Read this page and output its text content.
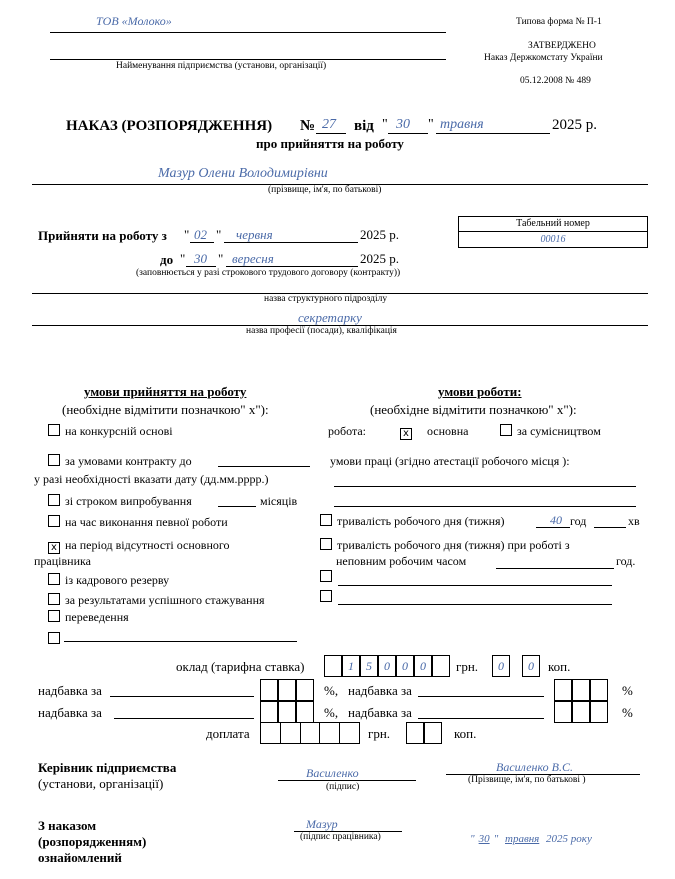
ТОВ «Молоко»
Найменування підприємства (установи, організації)
Типова форма № П-1
ЗАТВЕРДЖЕНО
Наказ Держкомстату України
05.12.2008 № 489
НАКАЗ (РОЗПОРЯДЖЕННЯ) № 27 від " 30 " травня	2025 р.
про прийняття на роботу
Мазур Олени Володимирівни
(прізвище, ім'я, по батькові)
Прийняти на роботу з " 02 " червня	2025 р.
до " 30 " вересня	2025 р.
(заповнюється у разі строкового трудового договору (контракту))
Табельний номер
00016
назва структурного підрозділу
секретарку
назва професії (посади), кваліфікація
умови прийняття на роботу
(необхідне відмітити позначкою" х"):
на конкурсній основі
за умовами контракту до
у разі необхідності вказати дату (дд.мм.рррр.)
зі строком випробування	місяців
на час виконання певної роботи
x на період відсутності основного
працівника
із кадрового резерву
за результатами успішного стажування
переведення
умови роботи:
(необхідне відмітити позначкою" х"):
робота:	x основна	за сумісництвом
умови праці (згідно атестації робочого місця ):
тривалість робочого дня (тижня)	40 год	хв
тривалість робочого дня (тижня) при роботі з
неповним робочим часом	год.
оклад (тарифна ставка)	1	5	0	0	0	грн.	0	0	коп.
надбавка за	%, надбавка за	%
надбавка за	%, надбавка за	%
доплата	грн.	коп.
Керівник підприємства
(установи, організації)
Василенко
(підпис)
Василенко В.С.
(Прізвище, ім'я, по батькові )
З наказом
(розпорядженням)
ознайомлений
Мазур
(підпис працівника)	" 30 " травня 2025 року
